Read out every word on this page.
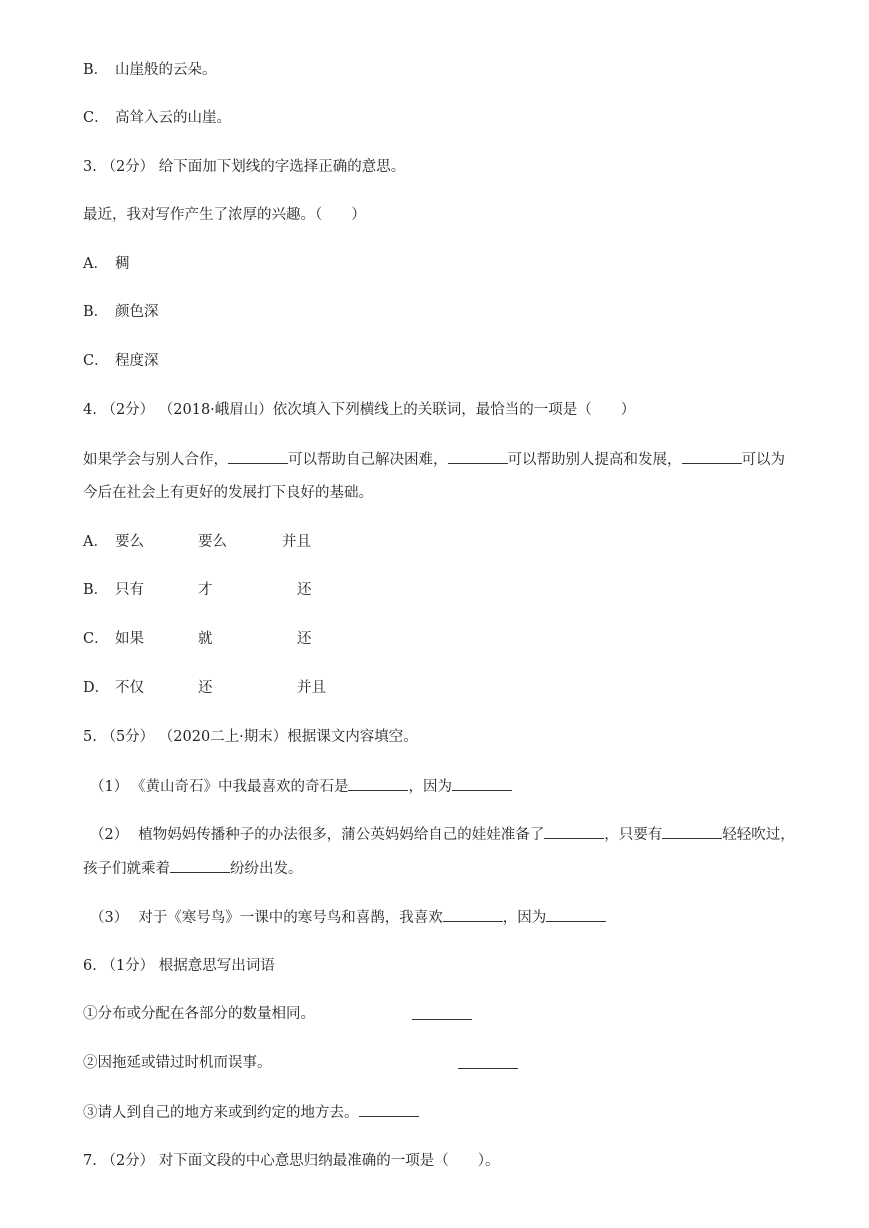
B． 山崖般的云朵。
C． 高耸入云的山崖。
3. （2分） 给下面加下划线的字选择正确的意思。
最近，我对写作产生了浓厚的兴趣。（　　）
A． 稠
B． 颜色深
C． 程度深
4. （2分） （2018·峨眉山）依次填入下列横线上的关联词，最恰当的一项是（　　）
如果学会与别人合作，	可以帮助自己解决困难，	可以帮助别人提高和发展，	可以为
今后在社会上有更好的发展打下良好的基础。
A． 要么	要么	并且
B． 只有	才	还
C． 如果	就	还
D． 不仅	还	并且
5. （5分） （2020二上·期末）根据课文内容填空。
（1） 《黄山奇石》中我最喜欢的奇石是	，因为
（2） 植物妈妈传播种子的办法很多，蒲公英妈妈给自己的娃娃准备了	，只要有	轻轻吹过，
孩子们就乘着	纷纷出发。
（3） 对于《寒号鸟》一课中的寒号鸟和喜鹊，我喜欢	，因为
6. （1分） 根据意思写出词语
①分布或分配在各部分的数量相同。
②因拖延或错过时机而误事。
③请人到自己的地方来或到约定的地方去。
7. （2分） 对下面文段的中心意思归纳最准确的一项是（　　）。
